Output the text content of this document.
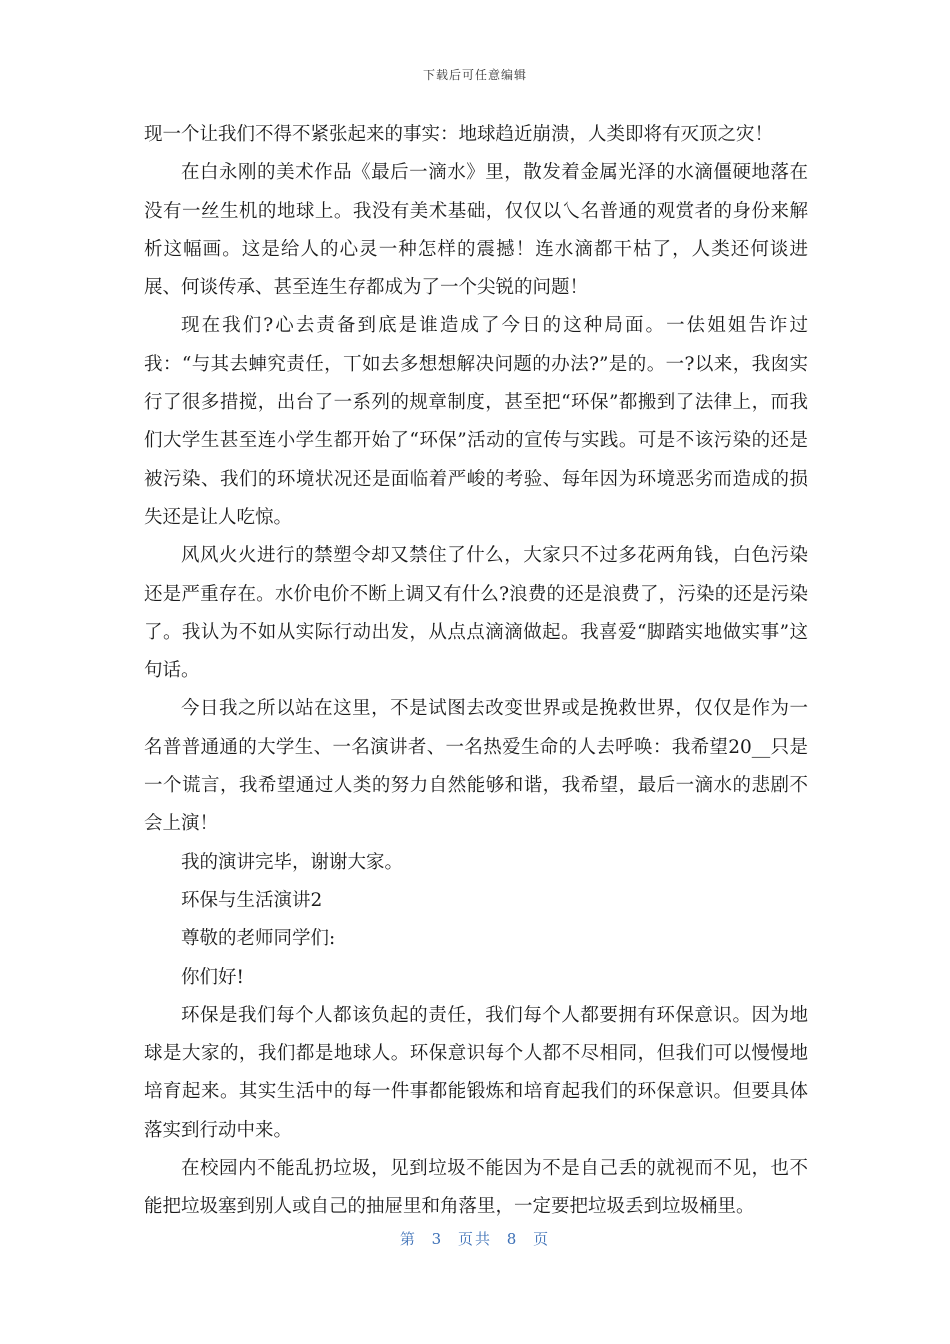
下载后可任意编辑

现一个让我们不得不紧张起来的事实：地球趋近崩溃，人类即将有灭顶之灾！

在白永刚的美术作品《最后一滴水》里，散发着金属光泽的水滴僵硬地落在没有一丝生机的地球上。我没有美术基础，仅仅以乀名普通的观赏者的身份来解析这幅画。这是给人的心灵一种怎样的震撼！连水滴都干枯了，人类还何谈进展、何谈传承、甚至连生存都成为了一个尖锐的问题！

现在我们?心去责备到底是谁造成了今日的这种局面。一佉姐姐告诈过我：“与其去蛼究责任，丅如去多想想解决问题的办法?”是的。一?以来，我囱实行了很多措搅，出台了一系列的规章制度，甚至把“环保”都搬到了法律上，而我们大学生甚至连小学生都开始了“环保”活动的宣传与实践。可是不该污染的还是被污染、我们的环境状况还是面临着严峻的考验、每年因为环境恶劣而造成的损失还是让人吃惊。

风风火火进行的禁塑令却又禁住了什么，大家只不过多花两角钱，白色污染还是严重存在。水价电价不断上调又有什么?浪费的还是浪费了，污染的还是污染了。我认为不如从实际行动出发，从点点滴滴做起。我喜爱“脚踏实地做实事”这句话。

今日我之所以站在这里，不是试图去改变世界或是挽救世界，仅仅是作为一名普普通通的大学生、一名演讲者、一名热爱生命的人去呼唤：我希望20__只是一个谎言，我希望通过人类的努力自然能够和谐，我希望，最后一滴水的悲剧不会上演！

我的演讲完毕，谢谢大家。

环保与生活演讲2

尊敬的老师同学们:

你们好!

环保是我们每个人都该负起的责任，我们每个人都要拥有环保意识。因为地球是大家的，我们都是地球人。环保意识每个人都不尽相同，但我们可以慢慢地培育起来。其实生活中的每一件事都能锻炼和培育起我们的环保意识。但要具体落实到行动中来。

在校园内不能乱扔垃圾，见到垃圾不能因为不是自己丢的就视而不见，也不能把垃圾塞到别人或自己的抽屉里和角落里，一定要把垃圾丢到垃圾桶里。

第 3 页共 8 页
